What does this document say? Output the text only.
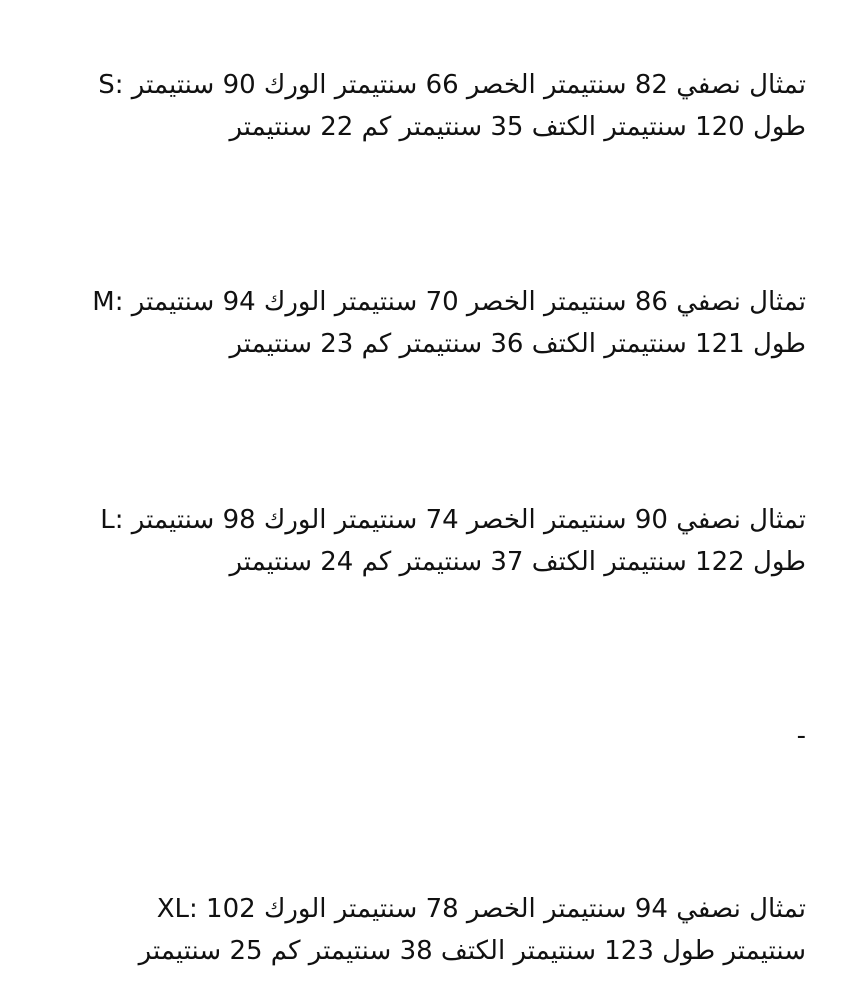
تمثال نصفي 82 سنتيمتر الخصر 66 سنتيمتر الورك 90 سنتيمتر :S
طول 120 سنتيمتر الكتف 35 سنتيمتر كم 22 سنتيمتر
تمثال نصفي 86 سنتيمتر الخصر 70 سنتيمتر الورك 94 سنتيمتر :M
طول 121 سنتيمتر الكتف 36 سنتيمتر كم 23 سنتيمتر
تمثال نصفي 90 سنتيمتر الخصر 74 سنتيمتر الورك 98 سنتيمتر :L
طول 122 سنتيمتر الكتف 37 سنتيمتر كم 24 سنتيمتر
-
XL: 102 تمثال نصفي 94 سنتيمتر الخصر 78 سنتيمتر الورك
سنتيمتر طول 123 سنتيمتر الكتف 38 سنتيمتر كم 25 سنتيمتر
